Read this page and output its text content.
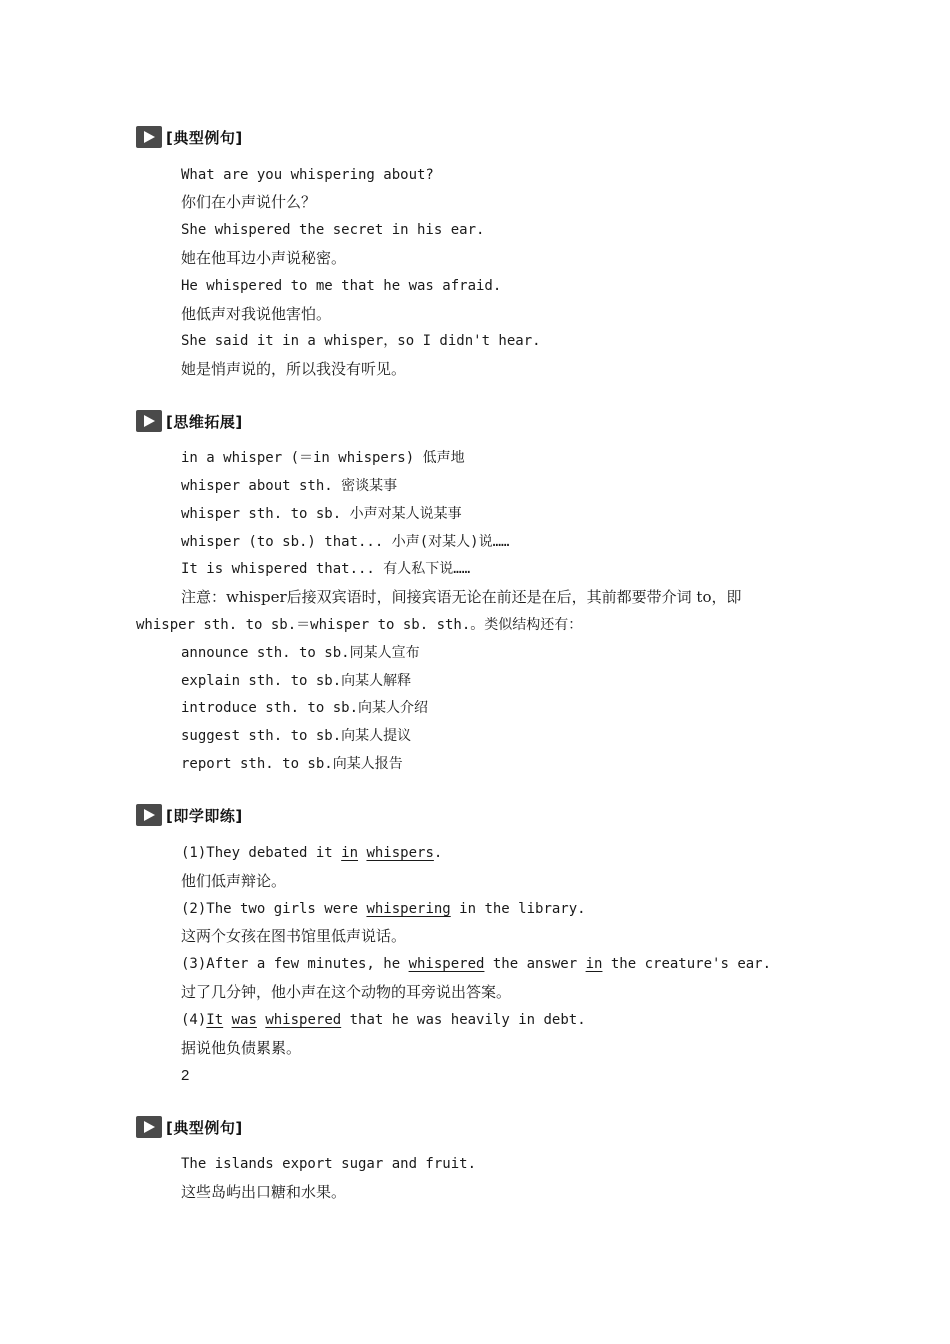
[典型例句]
What are you whispering about?
你们在小声说什么？
She whispered the secret in his ear.
她在他耳边小声说秘密。
He whispered to me that he was afraid.
他低声对我说他害怕。
She said it in a whisper，so I didn't hear.
她是悄声说的，所以我没有听见。
[思维拓展]
in a whisper (＝in whispers) 低声地
whisper about sth. 密谈某事
whisper sth. to sb. 小声对某人说某事
whisper (to sb.) that... 小声(对某人)说……
It is whispered that... 有人私下说……
注意：whisper后接双宾语时，间接宾语无论在前还是在后，其前都要带介词 to，即
whisper sth. to sb.＝whisper to sb. sth.。类似结构还有：
announce sth. to sb.同某人宣布
explain sth. to sb.向某人解释
introduce sth. to sb.向某人介绍
suggest sth. to sb.向某人提议
report sth. to sb.向某人报告
[即学即练]
(1)They debated it in whispers.
他们低声辩论。
(2)The two girls were whispering in the library.
这两个女孩在图书馆里低声说话。
(3)After a few minutes, he whispered the answer in the creature's ear.
过了几分钟，他小声在这个动物的耳旁说出答案。
(4)It was whispered that he was heavily in debt.
据说他负债累累。
2
[典型例句]
The islands export sugar and fruit.
这些岛屿出口糖和水果。
